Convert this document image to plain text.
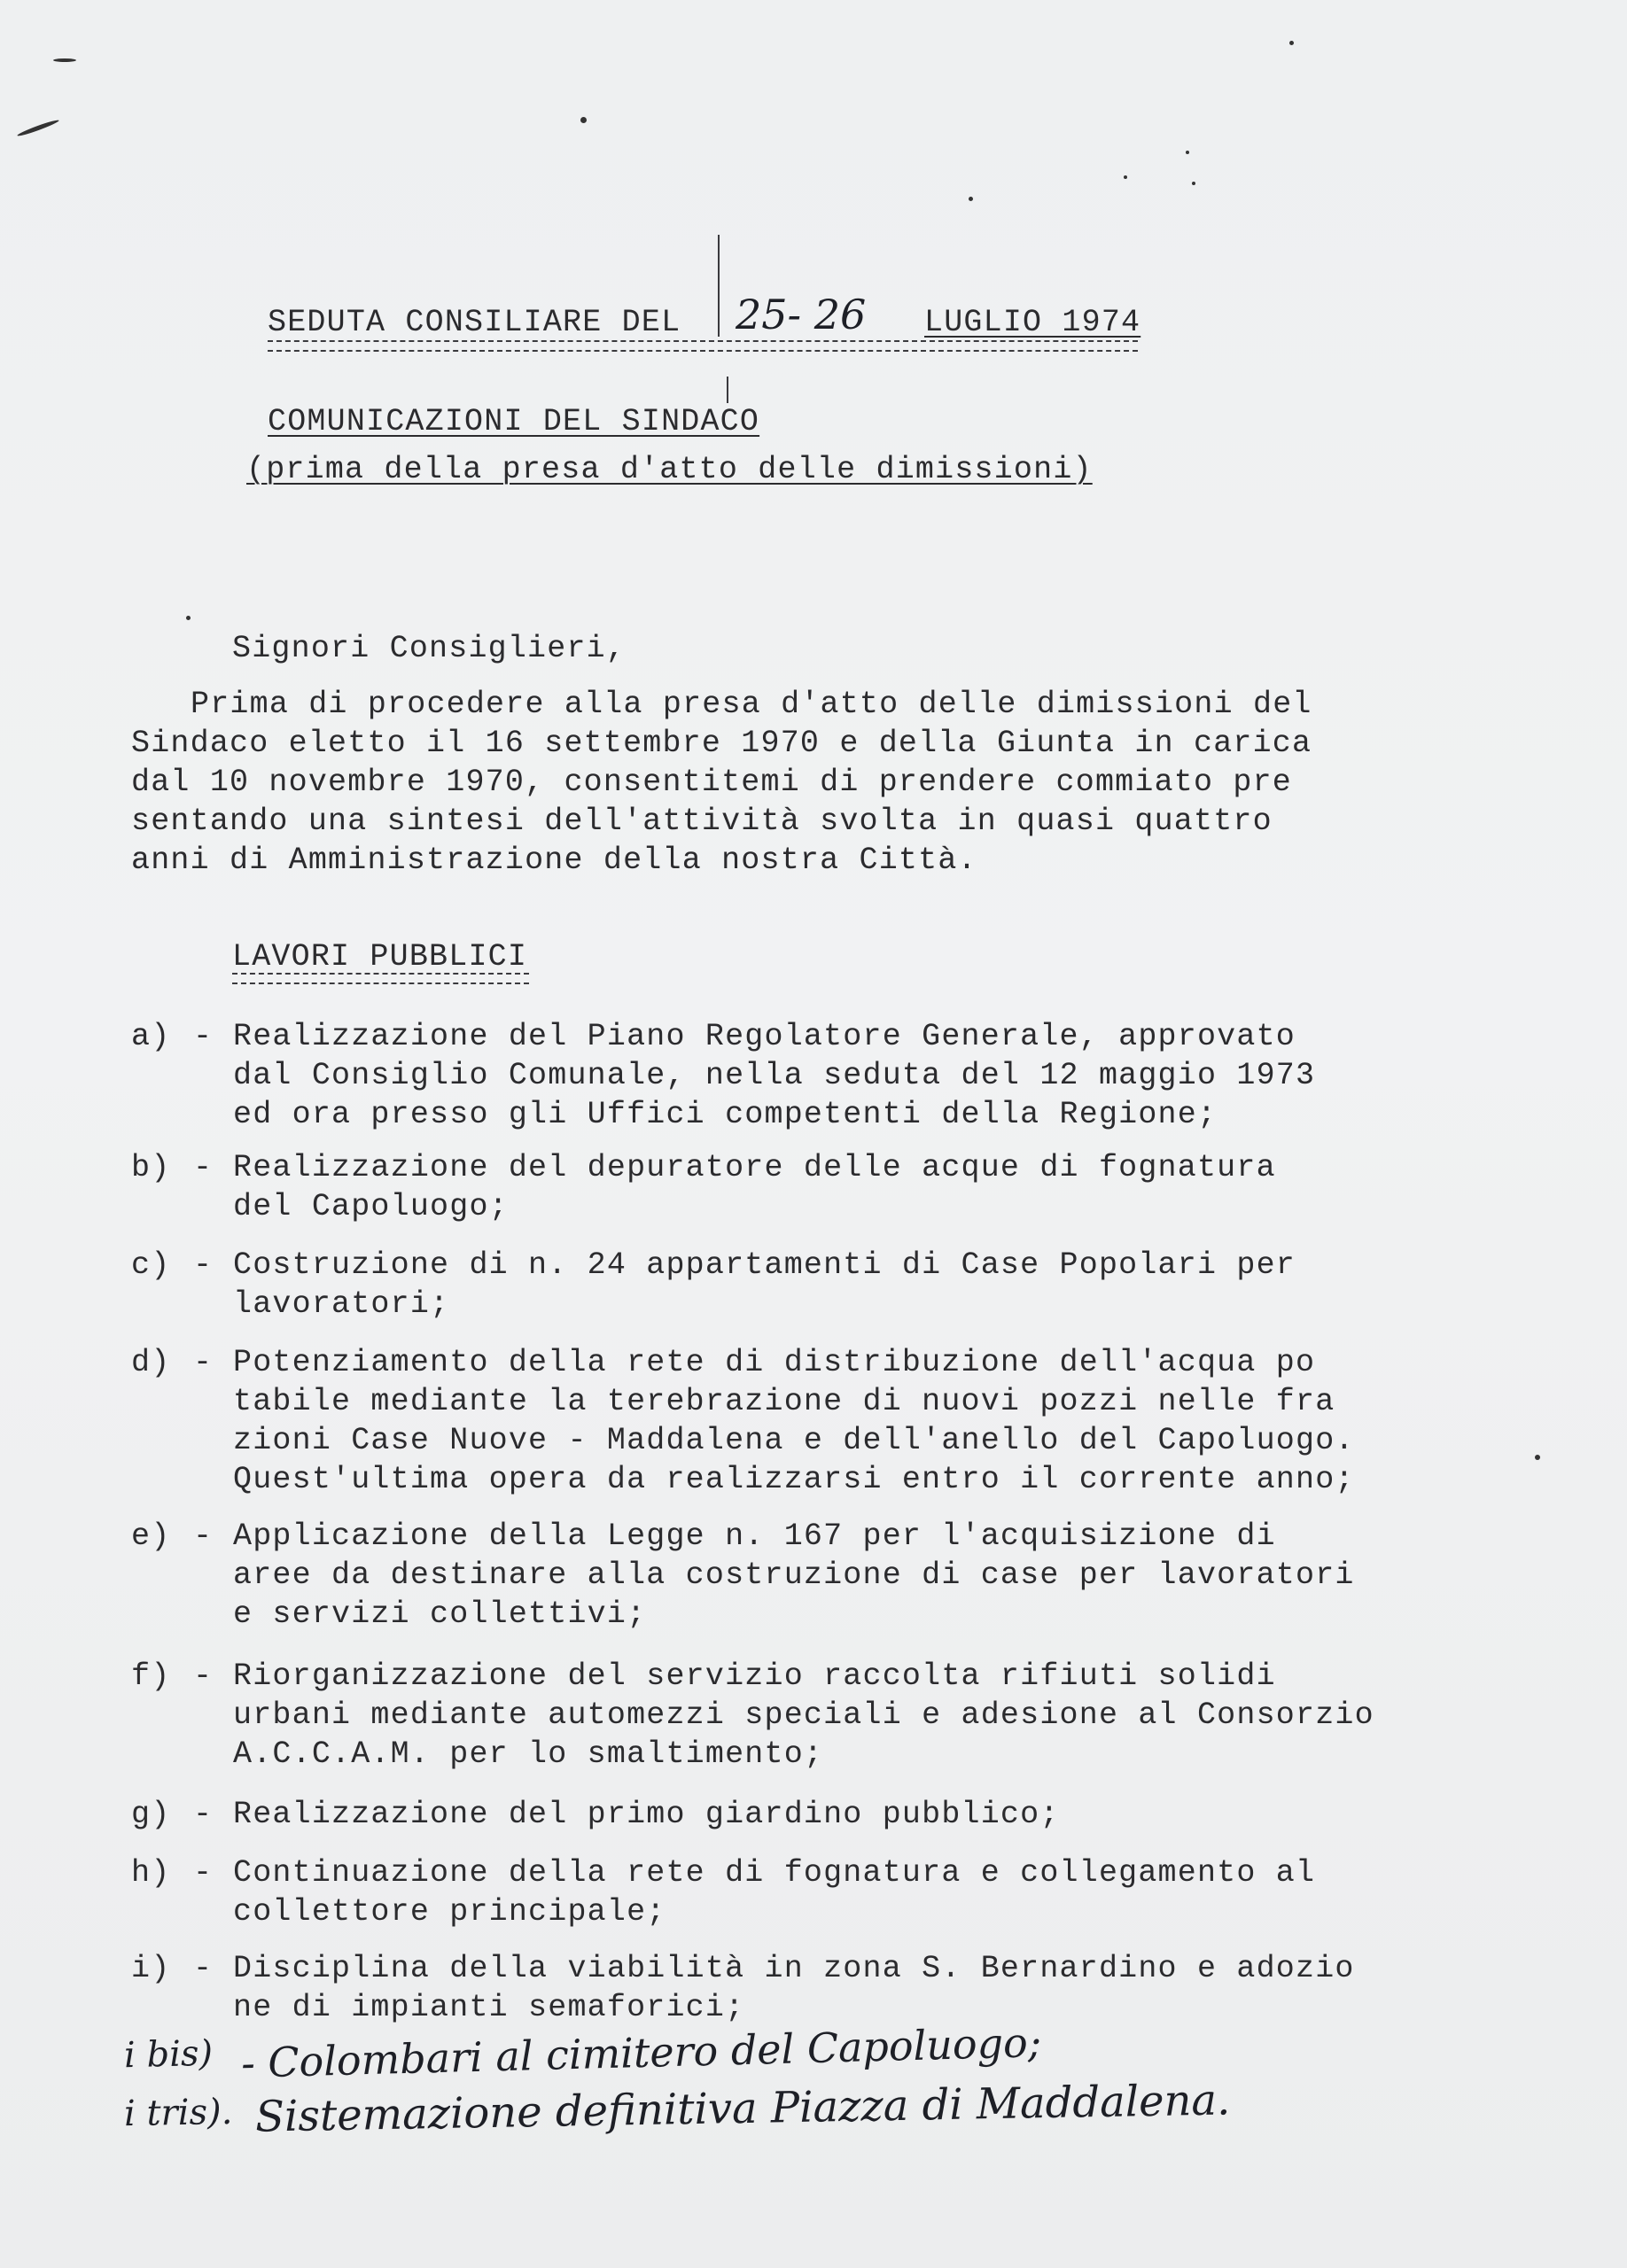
SEDUTA CONSILIARE DEL 25- 26 LUGLIO 1974
COMUNICAZIONI DEL SINDACO
(prima della presa d'atto delle dimissioni)
Signori Consiglieri,
Prima di procedere alla presa d'atto delle dimissioni del
Sindaco eletto il 16 settembre 1970 e della Giunta in carica
dal 10 novembre 1970, consentitemi di prendere commiato pre
sentando una sintesi dell'attività svolta in quasi quattro
anni di Amministrazione della nostra Città.
LAVORI PUBBLICI
a) - Realizzazione del Piano Regolatore Generale, approvato
dal Consiglio Comunale, nella seduta del 12 maggio 1973
ed ora presso gli Uffici competenti della Regione;
b) - Realizzazione del depuratore delle acque di fognatura
del Capoluogo;
c) - Costruzione di n. 24 appartamenti di Case Popolari per
lavoratori;
d) - Potenziamento della rete di distribuzione dell'acqua po
tabile mediante la terebrazione di nuovi pozzi nelle fra
zioni Case Nuove - Maddalena e dell'anello del Capoluogo.
Quest'ultima opera da realizzarsi entro il corrente anno;
e) - Applicazione della Legge n. 167 per l'acquisizione di
aree da destinare alla costruzione di case per lavoratori
e servizi collettivi;
f) - Riorganizzazione del servizio raccolta rifiuti solidi
urbani mediante automezzi speciali e adesione al Consorzio
A.C.C.A.M. per lo smaltimento;
g) - Realizzazione del primo giardino pubblico;
h) - Continuazione della rete di fognatura e collegamento al
collettore principale;
i) - Disciplina della viabilità in zona S. Bernardino e adozio
ne di impianti semaforici;
i bis) - Colombari al cimitero del Capoluogo;
i tris). Sistemazione definitiva Piazza di Maddalena.
